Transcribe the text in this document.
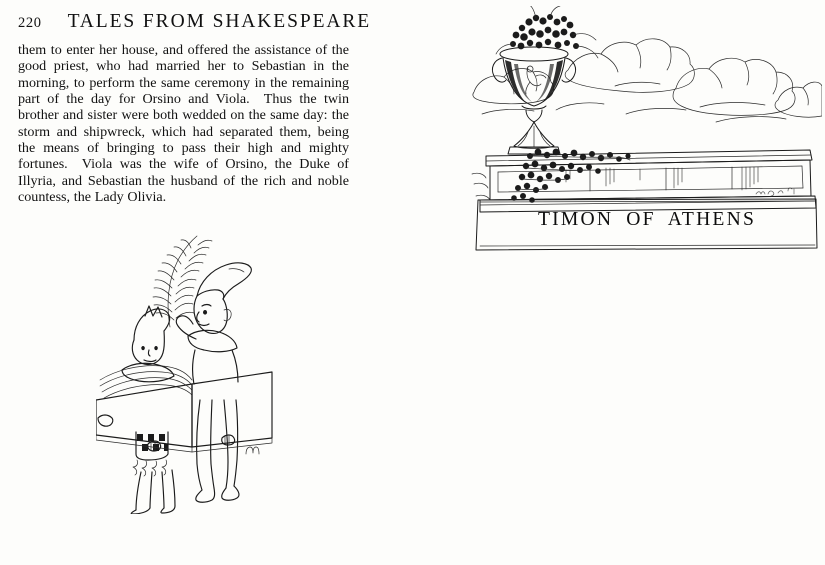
220 TALES FROM SHAKESPEARE

them to enter her house, and offered the assistance of the good priest, who had married her to Sebastian in the morning, to perform the same ceremony in the remaining part of the day for Orsino and Viola. Thus the twin brother and sister were both wedded on the same day: the storm and shipwreck, which had separated them, being the means of bringing to pass their high and mighty fortunes. Viola was the wife of Orsino, the Duke of Illyria, and Sebastian the husband of the rich and noble countess, the Lady Olivia.

TIMON OF ATHENS
